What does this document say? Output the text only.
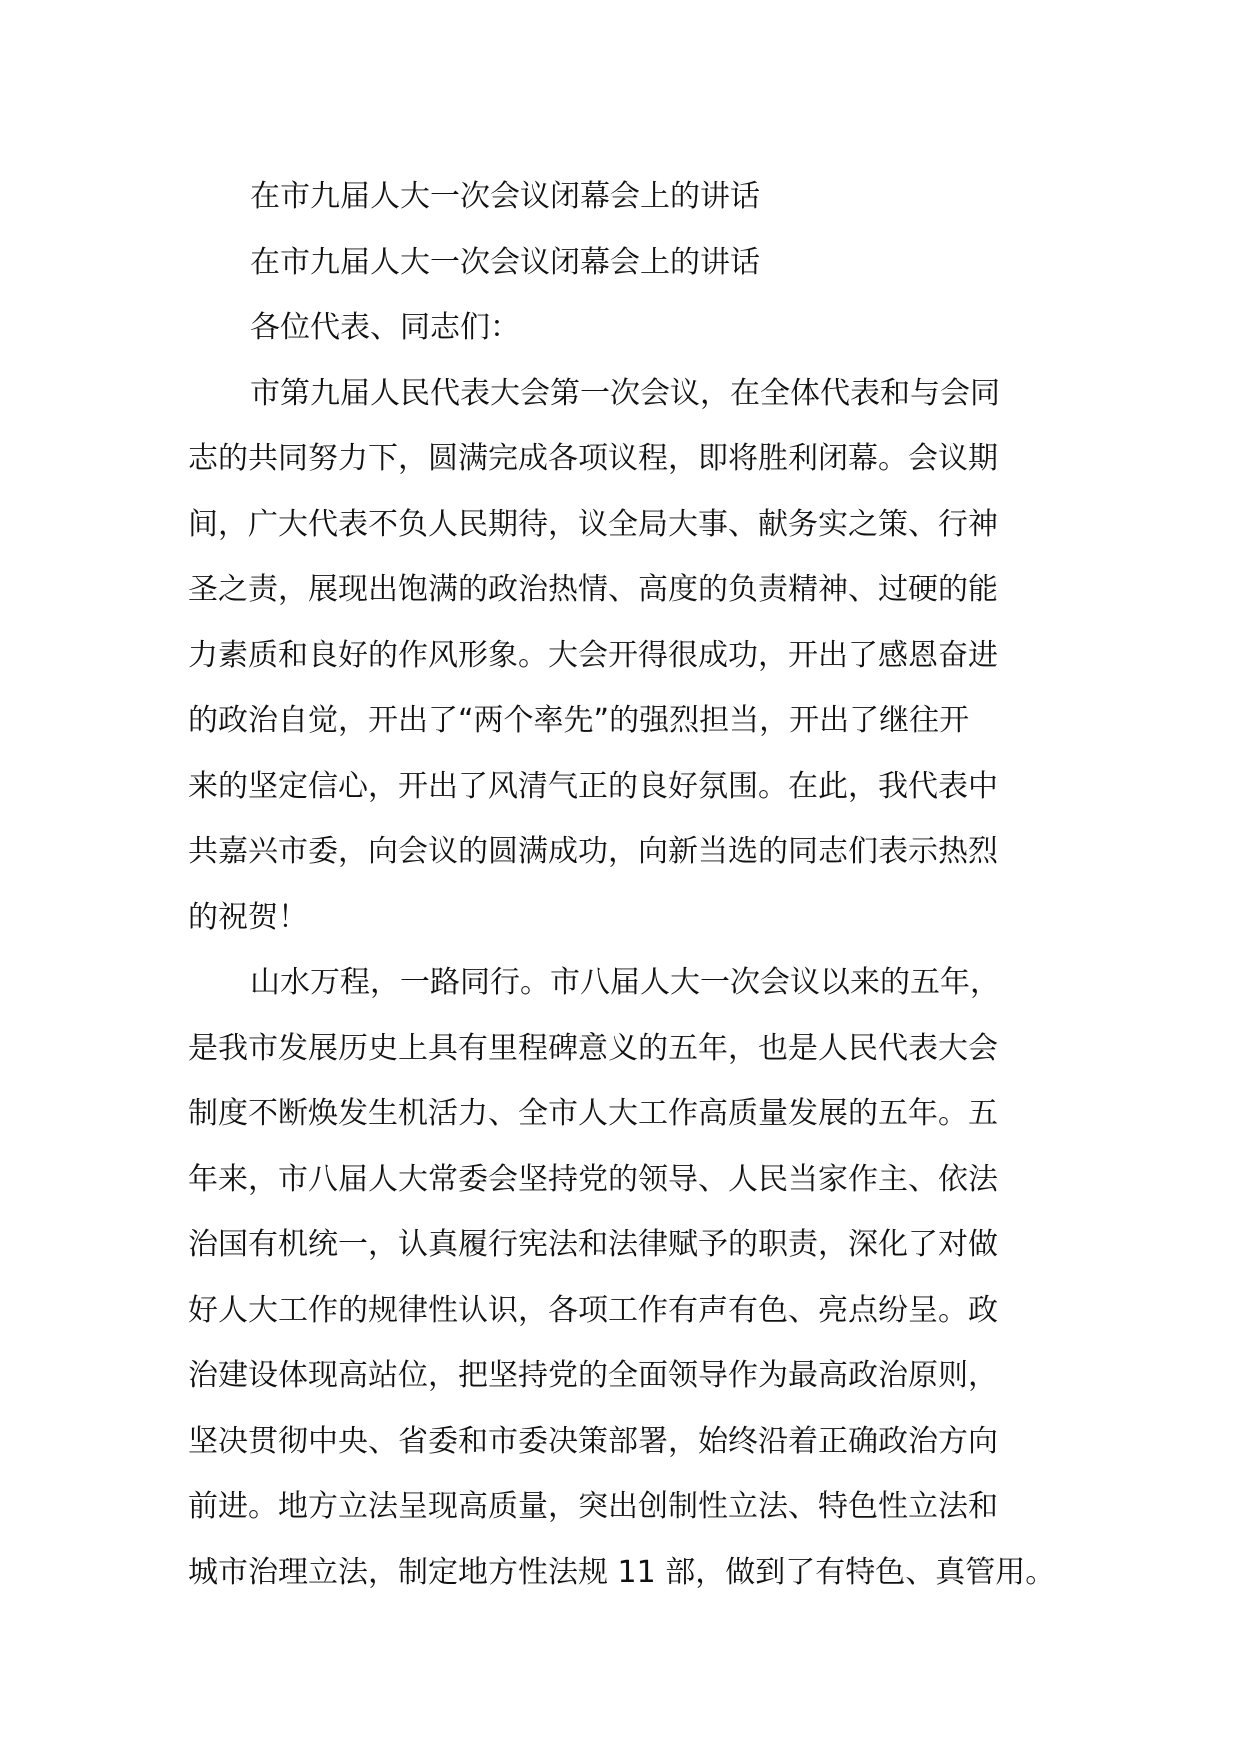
在市九届人大一次会议闭幕会上的讲话

在市九届人大一次会议闭幕会上的讲话

各位代表、同志们：

市第九届人民代表大会第一次会议，在全体代表和与会同
志的共同努力下，圆满完成各项议程，即将胜利闭幕。会议期
间，广大代表不负人民期待，议全局大事、献务实之策、行神
圣之责，展现出饱满的政治热情、高度的负责精神、过硬的能
力素质和良好的作风形象。大会开得很成功，开出了感恩奋进
的政治自觉，开出了“两个率先”的强烈担当，开出了继往开
来的坚定信心，开出了风清气正的良好氛围。在此，我代表中
共嘉兴市委，向会议的圆满成功，向新当选的同志们表示热烈
的祝贺！
山水万程，一路同行。市八届人大一次会议以来的五年，
是我市发展历史上具有里程碑意义的五年，也是人民代表大会
制度不断焕发生机活力、全市人大工作高质量发展的五年。五
年来，市八届人大常委会坚持党的领导、人民当家作主、依法
治国有机统一，认真履行宪法和法律赋予的职责，深化了对做
好人大工作的规律性认识，各项工作有声有色、亮点纷呈。政
治建设体现高站位，把坚持党的全面领导作为最高政治原则，
坚决贯彻中央、省委和市委决策部署，始终沿着正确政治方向
前进。地方立法呈现高质量，突出创制性立法、特色性立法和
城市治理立法，制定地方性法规 11 部，做到了有特色、真管用。
